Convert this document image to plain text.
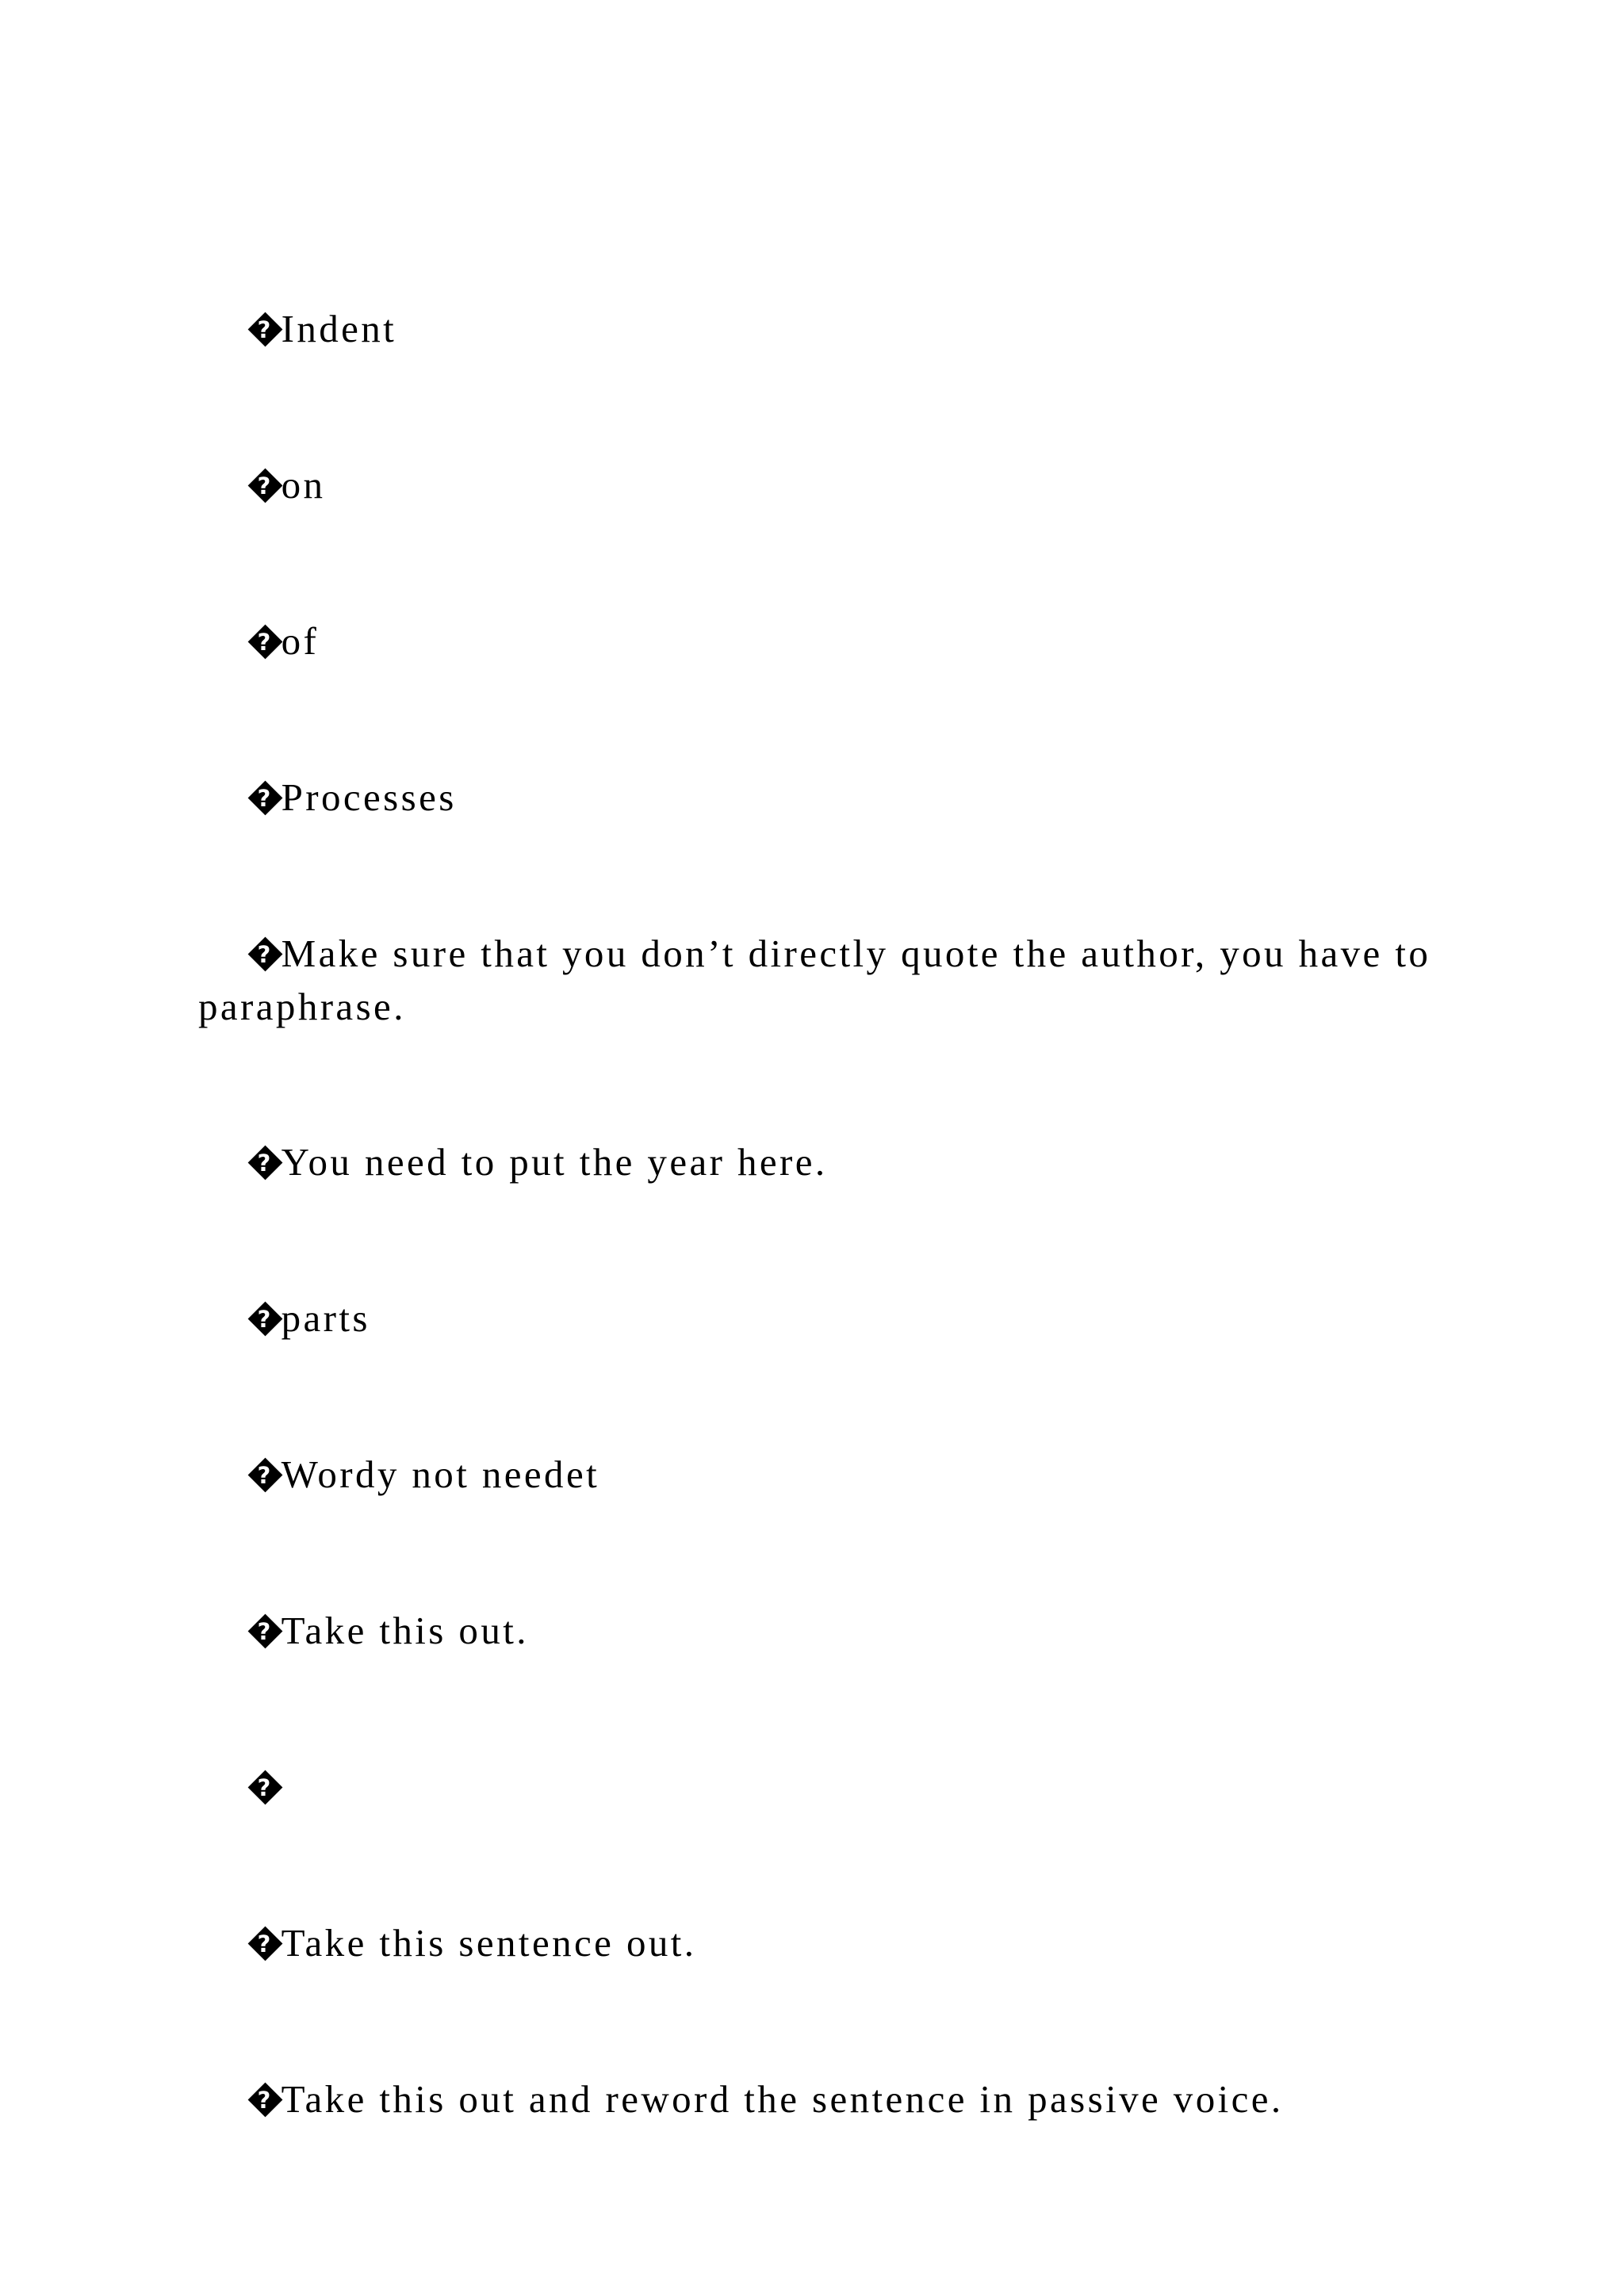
?Indent

?on

?of

?Processes

?Make sure that you don’t directly quote the author, you have to paraphrase.

?You need to put the year here.

?parts

?Wordy not needet

?Take this out.

?

?Take this sentence out.

?Take this out and reword the sentence in passive voice.
